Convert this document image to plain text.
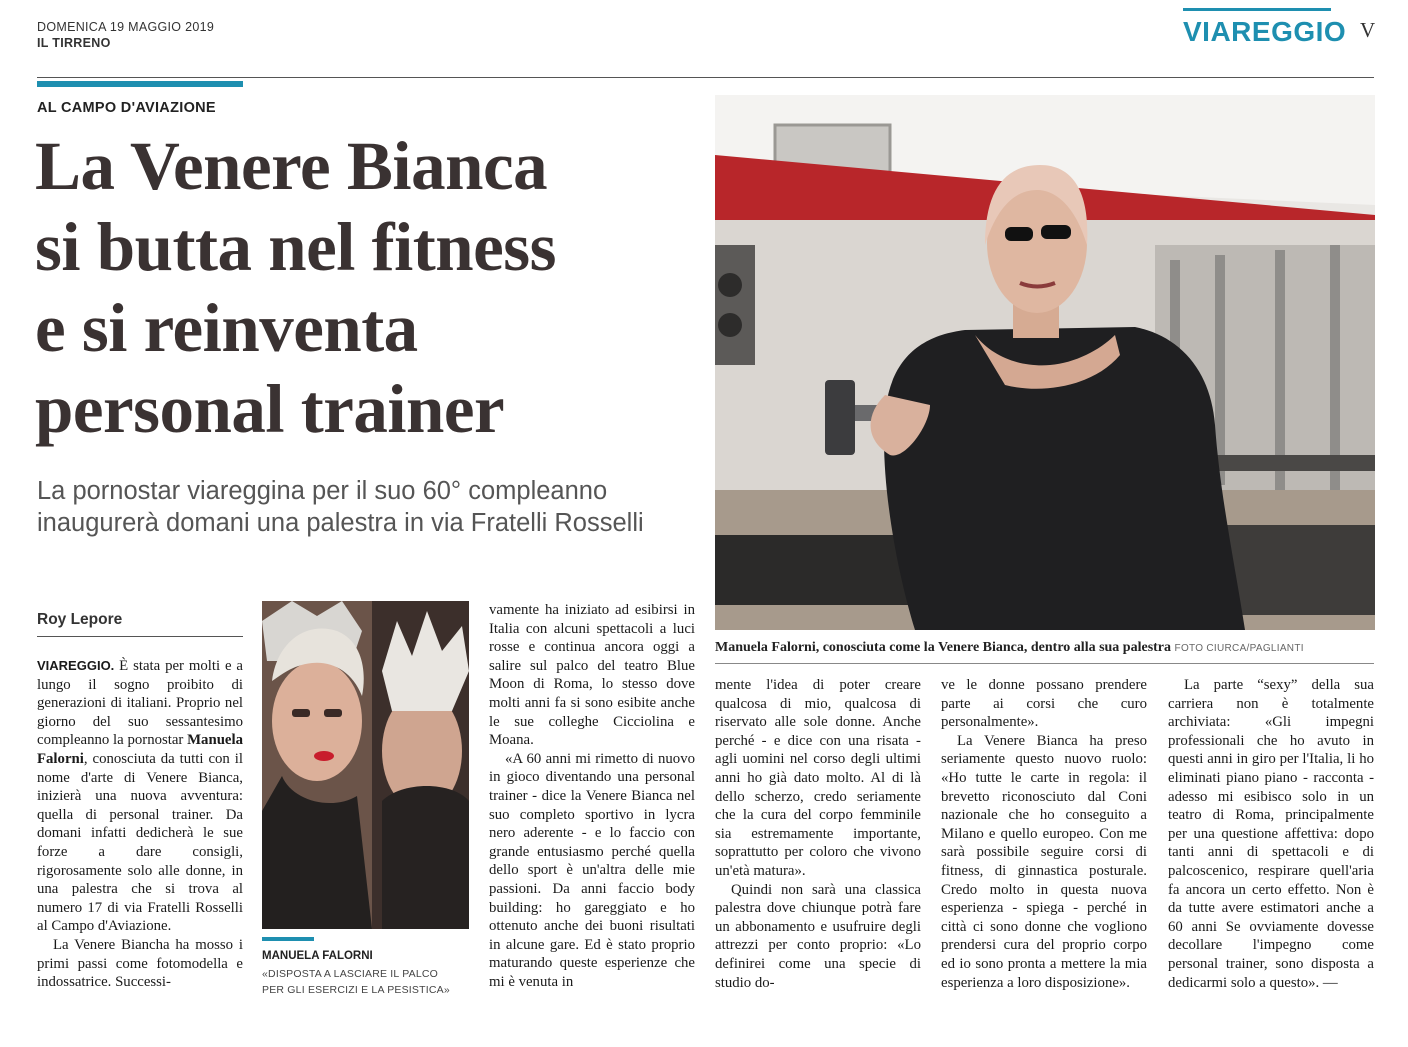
DOMENICA 19 MAGGIO 2019
IL TIRRENO	VIAREGGIO V
AL CAMPO D'AVIAZIONE
La Venere Bianca
si butta nel fitness
e si reinventa
personal trainer
La pornostar viareggina per il suo 60° compleanno
inaugurerà domani una palestra in via Fratelli Rosselli
Manuela Falorni, conosciuta come la Venere Bianca, dentro alla sua palestra FOTO CIURCA/PAGLIANTI
Roy Lepore

VIAREGGIO. È stata per molti e a lungo il sogno proibito di generazioni di italiani. Proprio nel giorno del suo sessantesimo compleanno la pornostar Manuela Falorni, conosciuta da tutti con il nome d'arte di Venere Bianca, inizierà una nuova avventura: quella di personal trainer. Da domani infatti dedicherà le sue forze a dare consigli, rigorosamente solo alle donne, in una palestra che si trova al numero 17 di via Fratelli Rosselli al Campo d'Aviazione.

La Venere Biancha ha mosso i primi passi come fotomodella e indossatrice. Successi-

MANUELA FALORNI
«DISPOSTA A LASCIARE IL PALCO
PER GLI ESERCIZI E LA PESISTICA»

vamente ha iniziato ad esibirsi in Italia con alcuni spettacoli a luci rosse e continua ancora oggi a salire sul palco del teatro Blue Moon di Roma, lo stesso dove molti anni fa si sono esibite anche le sue colleghe Cicciolina e Moana.

«A 60 anni mi rimetto di nuovo in gioco diventando una personal trainer - dice la Venere Bianca nel suo completo sportivo in lycra nero aderente - e lo faccio con grande entusiasmo perché quella dello sport è un'altra delle mie passioni. Da anni faccio body building: ho gareggiato e ho ottenuto anche dei buoni risultati in alcune gare. Ed è stato proprio maturando queste esperienze che mi è venuta in

mente l'idea di poter creare qualcosa di mio, qualcosa di riservato alle sole donne. Anche perché - e dice con una risata - agli uomini nel corso degli ultimi anni ho già dato molto. Al di là dello scherzo, credo seriamente che la cura del corpo femminile sia estremamente importante, soprattutto per coloro che vivono un'età matura».

Quindi non sarà una classica palestra dove chiunque potrà fare un abbonamento e usufruire degli attrezzi per conto proprio: «Lo definirei come una specie di studio do-

ve le donne possano prendere parte ai corsi che curo personalmente».

La Venere Bianca ha preso seriamente questo nuovo ruolo: «Ho tutte le carte in regola: il brevetto riconosciuto dal Coni nazionale che ho conseguito a Milano e quello europeo. Con me sarà possibile seguire corsi di fitness, di ginnastica posturale. Credo molto in questa nuova esperienza - spiega - perché in città ci sono donne che vogliono prendersi cura del proprio corpo ed io sono pronta a mettere la mia esperienza a loro disposizione».

La parte “sexy” della sua carriera non è totalmente archiviata: «Gli impegni professionali che ho avuto in questi anni in giro per l'Italia, li ho eliminati piano piano - racconta - adesso mi esibisco solo in un teatro di Roma, principalmente per una questione affettiva: dopo tanti anni di spettacoli e di palcoscenico, respirare quell'aria fa ancora un certo effetto. Non è da tutte avere estimatori anche a 60 anni Se ovviamente dovesse decollare l'impegno come personal trainer, sono disposta a dedicarmi solo a questo». —
